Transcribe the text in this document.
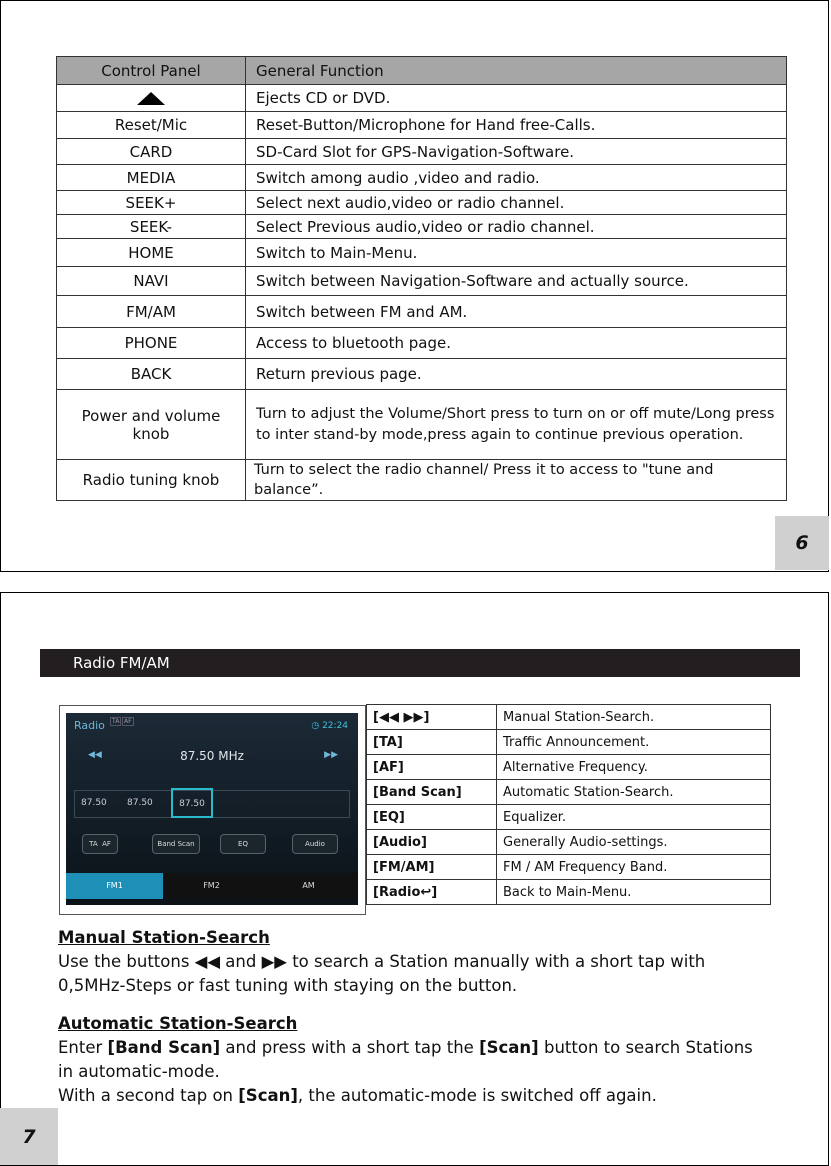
Control Panel	General Function
	Ejects CD or DVD.
Reset/Mic	Reset-Button/Microphone for Hand free-Calls.
CARD	SD-Card Slot for GPS-Navigation-Software.
MEDIA	Switch among audio ,video and radio.
SEEK+	Select next audio,video or radio channel.
SEEK-	Select Previous audio,video or radio channel.
HOME	Switch to Main-Menu.
NAVI	Switch between Navigation-Software and actually source.
FM/AM	Switch between FM and AM.
PHONE	Access to bluetooth page.
BACK	Return previous page.
Power and volume knob	Turn to adjust the Volume/Short press to turn on or off mute/Long press to inter stand-by mode,press again to continue previous operation.
Radio tuning knob	Turn to select the radio channel/ Press it to access to "tune and balance”.
6
Radio FM/AM
Radio	TA AF	◷ 22:24
◀◀	87.50 MHz	▶▶
87.50 87.50	87.50
TA AF	Band Scan	EQ	Audio
FM1	FM2	AM
[◀◀ ▶▶]	Manual Station-Search.
[TA]	Traffic Announcement.
[AF]	Alternative Frequency.
[Band Scan]	Automatic Station-Search.
[EQ]	Equalizer.
[Audio]	Generally Audio-settings.
[FM/AM]	FM / AM Frequency Band.
[Radio↩]	Back to Main-Menu.
Manual Station-Search
Use the buttons ◀◀ and ▶▶ to search a Station manually with a short tap with
0,5MHz-Steps or fast tuning with staying on the button.
Automatic Station-Search
Enter [Band Scan] and press with a short tap the [Scan] button to search Stations
in automatic-mode.
With a second tap on [Scan], the automatic-mode is switched off again.
7
